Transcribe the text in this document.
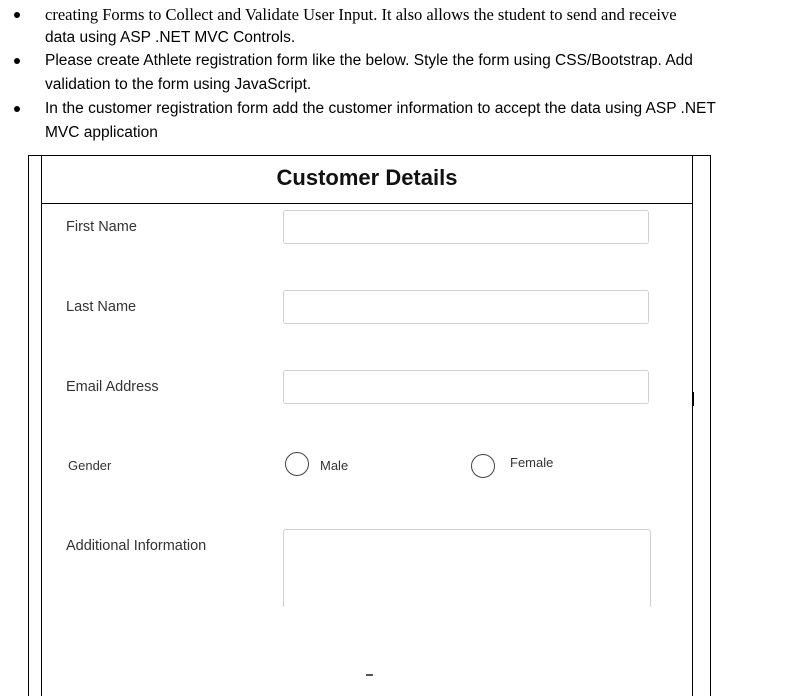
creating Forms to Collect and Validate User Input. It also allows the student to send and receive
data using ASP .NET MVC Controls.
Please create Athlete registration form like the below. Style the form using CSS/Bootstrap. Add
validation to the form using JavaScript.
In the customer registration form add the customer information to accept the data using ASP .NET
MVC application
Customer Details
First Name
Last Name
Email Address
Gender	Male	Female
Additional Information
